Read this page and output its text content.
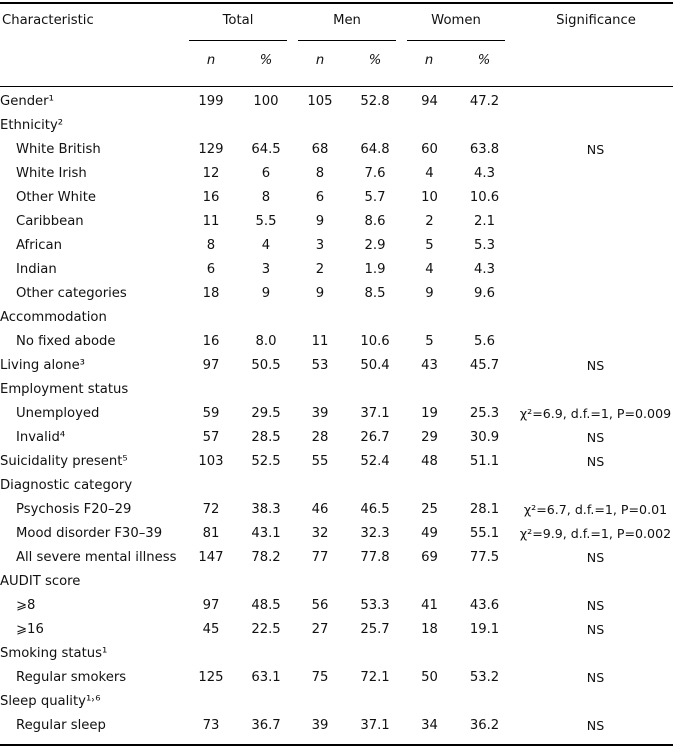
Characteristic	Total	Men	Women	Significance
n	%	n	%	n	%
Gender¹	199	100	105	52.8	94	47.2	
Ethnicity²							
White British	129	64.5	68	64.8	60	63.8	NS
White Irish	12	6	8	7.6	4	4.3	
Other White	16	8	6	5.7	10	10.6	
Caribbean	11	5.5	9	8.6	2	2.1	
African	8	4	3	2.9	5	5.3	
Indian	6	3	2	1.9	4	4.3	
Other categories	18	9	9	8.5	9	9.6	
Accommodation							
No fixed abode	16	8.0	11	10.6	5	5.6	
Living alone³	97	50.5	53	50.4	43	45.7	NS
Employment status							
Unemployed	59	29.5	39	37.1	19	25.3	χ²=6.9, d.f.=1, P=0.009
Invalid⁴	57	28.5	28	26.7	29	30.9	NS
Suicidality present⁵	103	52.5	55	52.4	48	51.1	NS
Diagnostic category							
Psychosis F20–29	72	38.3	46	46.5	25	28.1	χ²=6.7, d.f.=1, P=0.01
Mood disorder F30–39	81	43.1	32	32.3	49	55.1	χ²=9.9, d.f.=1, P=0.002
All severe mental illness	147	78.2	77	77.8	69	77.5	NS
AUDIT score							
⩾8	97	48.5	56	53.3	41	43.6	NS
⩾16	45	22.5	27	25.7	18	19.1	NS
Smoking status¹							
Regular smokers	125	63.1	75	72.1	50	53.2	NS
Sleep quality¹˒⁶							
Regular sleep	73	36.7	39	37.1	34	36.2	NS
